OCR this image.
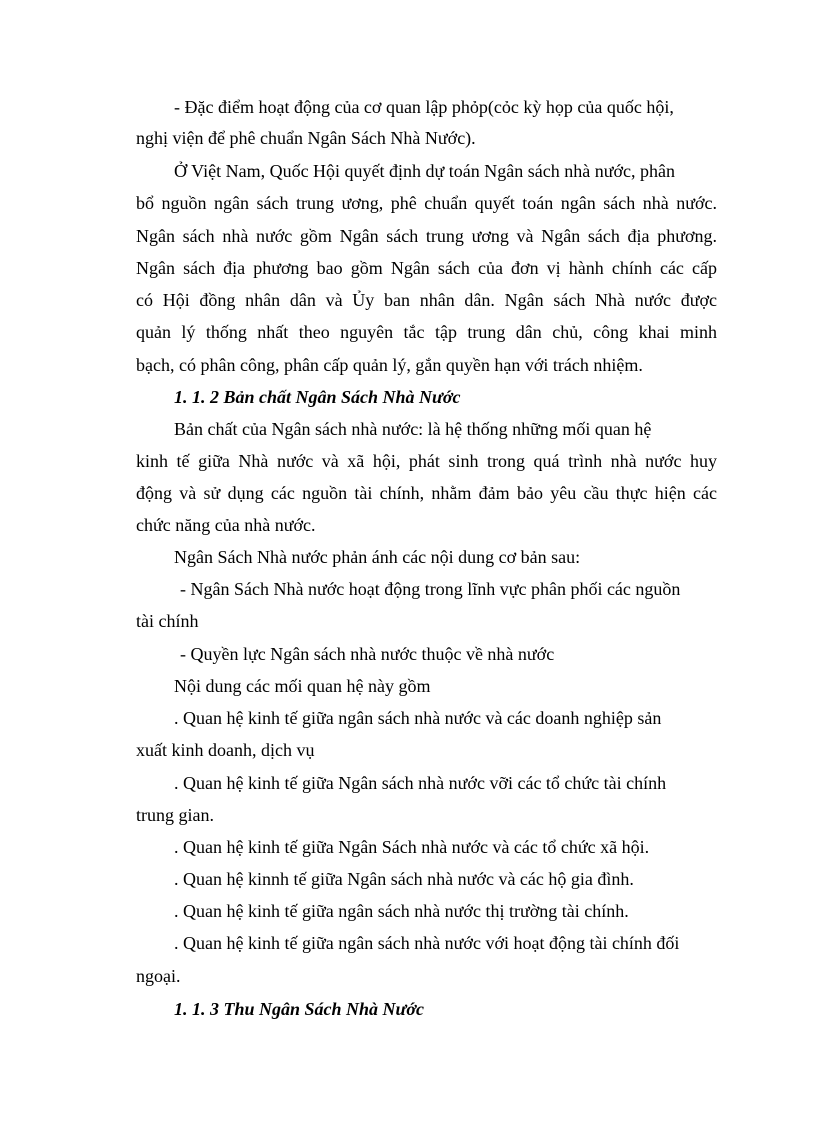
- Đặc điểm hoạt động của cơ quan lập phỏp(cỏc kỳ họp của quốc hội,
nghị viện để phê chuẩn Ngân Sách Nhà Nước).
Ở Việt Nam, Quốc Hội quyết định dự toán Ngân sách nhà nước, phân
bổ nguồn ngân sách trung ương, phê chuẩn quyết toán ngân sách nhà nước.
Ngân sách nhà nước gồm Ngân sách trung ương và Ngân sách địa phương.
Ngân sách địa phương bao gồm Ngân sách của đơn vị hành chính các cấp
có Hội đồng nhân dân và Ủy ban nhân dân. Ngân sách Nhà nước được
quản lý thống nhất theo nguyên tắc tập trung dân chủ, công khai minh
bạch, có phân công, phân cấp quản lý, gắn quyền hạn với trách nhiệm.
1. 1. 2 Bản chất Ngân Sách Nhà Nước
Bản chất của Ngân sách nhà nước: là hệ thống những mối quan hệ
kinh tế giữa Nhà nước và xã hội, phát sinh trong quá trình nhà nước huy
động và sử dụng các nguồn tài chính, nhằm đảm bảo yêu cầu thực hiện các
chức năng của nhà nước.
Ngân Sách Nhà nước phản ánh các nội dung cơ bản sau:
- Ngân Sách Nhà nước hoạt động trong lĩnh vực phân phối các nguồn
tài chính
- Quyền lực Ngân sách nhà nước thuộc về nhà nước
Nội dung các mối quan hệ này gồm
. Quan hệ kinh tế giữa ngân sách nhà nước và các doanh nghiệp sản
xuất kinh doanh, dịch vụ
. Quan hệ kinh tế giữa Ngân sách nhà nước vỡi các tổ chức tài chính
trung gian.
. Quan hệ kinh tế giữa Ngân Sách nhà nước và các tổ chức xã hội.
. Quan hệ kinnh tế giữa Ngân sách nhà nước và các hộ gia đình.
. Quan hệ kinh tế giữa ngân sách nhà nước thị trường tài chính.
. Quan hệ kinh tế giữa ngân sách nhà nước với hoạt động tài chính đối
ngoại.
1. 1. 3 Thu Ngân Sách Nhà Nước
